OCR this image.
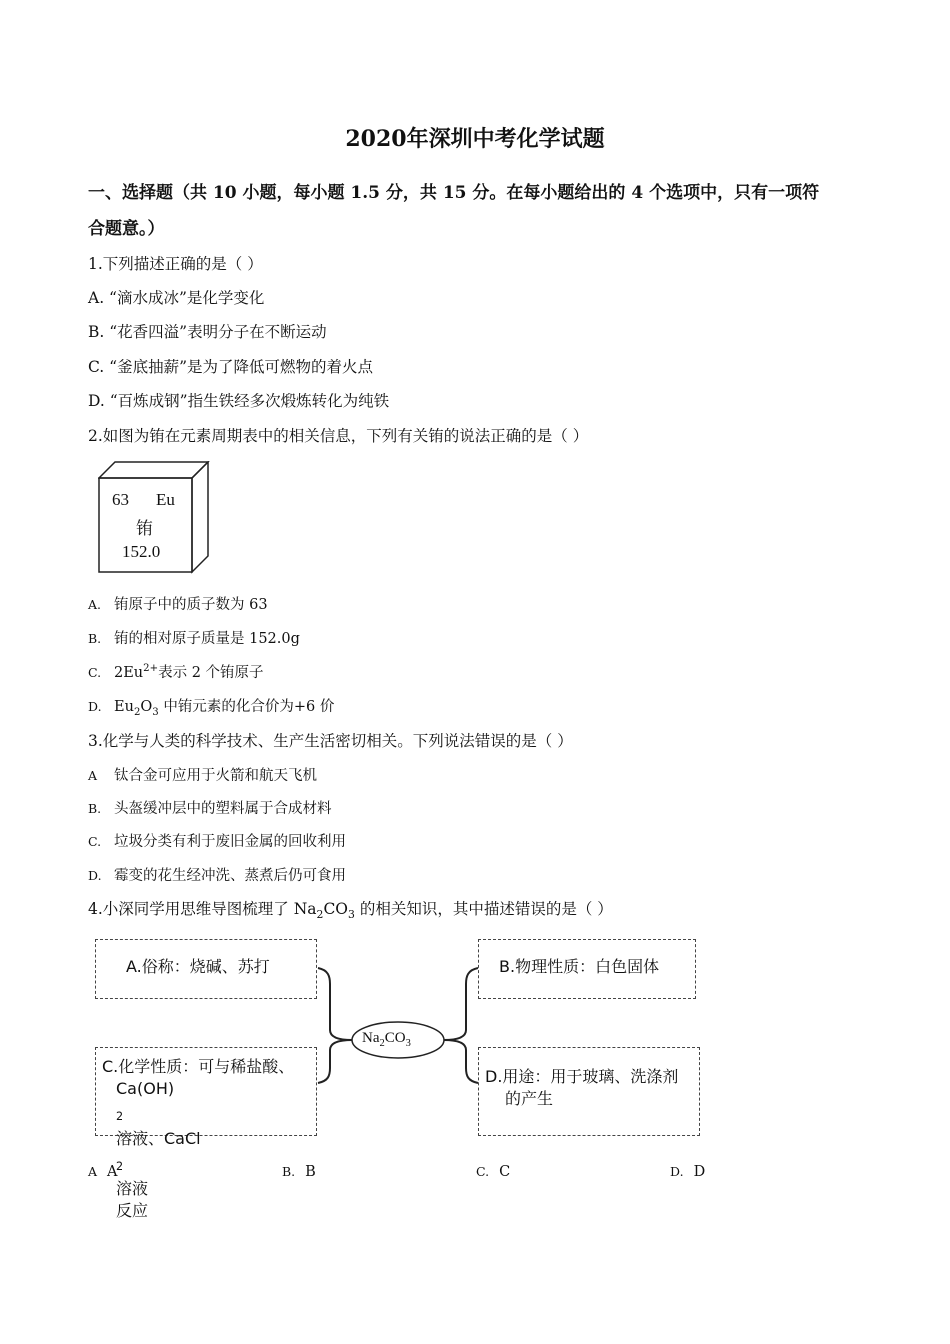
2020年深圳中考化学试题
一、选择题（共 10 小题，每小题 1.5 分，共 15 分。在每小题给出的 4 个选项中，只有一项符
合题意。）
1.下列描述正确的是（ ）
A. “滴水成冰”是化学变化
B. “花香四溢”表明分子在不断运动
C. “釜底抽薪”是为了降低可燃物的着火点
D. “百炼成钢”指生铁经多次煅炼转化为纯铁
2.如图为铕在元素周期表中的相关信息，下列有关铕的说法正确的是（ ）
63 Eu
铕
152.0
A. 铕原子中的质子数为 63
B. 铕的相对原子质量是 152.0g
C. $2Eu^{2+}$表示 2 个铕原子
D. $Eu_2O_3$ 中铕元素的化合价为+6 价
3.化学与人类的科学技术、生产生活密切相关。下列说法错误的是（ ）
A 钛合金可应用于火箭和航天飞机
B. 头盔缓冲层中的塑料属于合成材料
C. 垃圾分类有利于废旧金属的回收利用
D. 霉变的花生经冲洗、蒸煮后仍可食用
4.小深同学用思维导图梳理了 $Na_2CO_3$ 的相关知识，其中描述错误的是（ ）
$Na_2CO_3$
A.俗称：烧碱、苏打	B.物理性质：白色固体
C.化学性质：可与稀盐酸、
Ca(OH)
$_2$
溶液、CaCl
$_2$
溶液
反应
D.用途：用于玻璃、洗涤剂
的产生
A A	B. B	C. C	D. D
